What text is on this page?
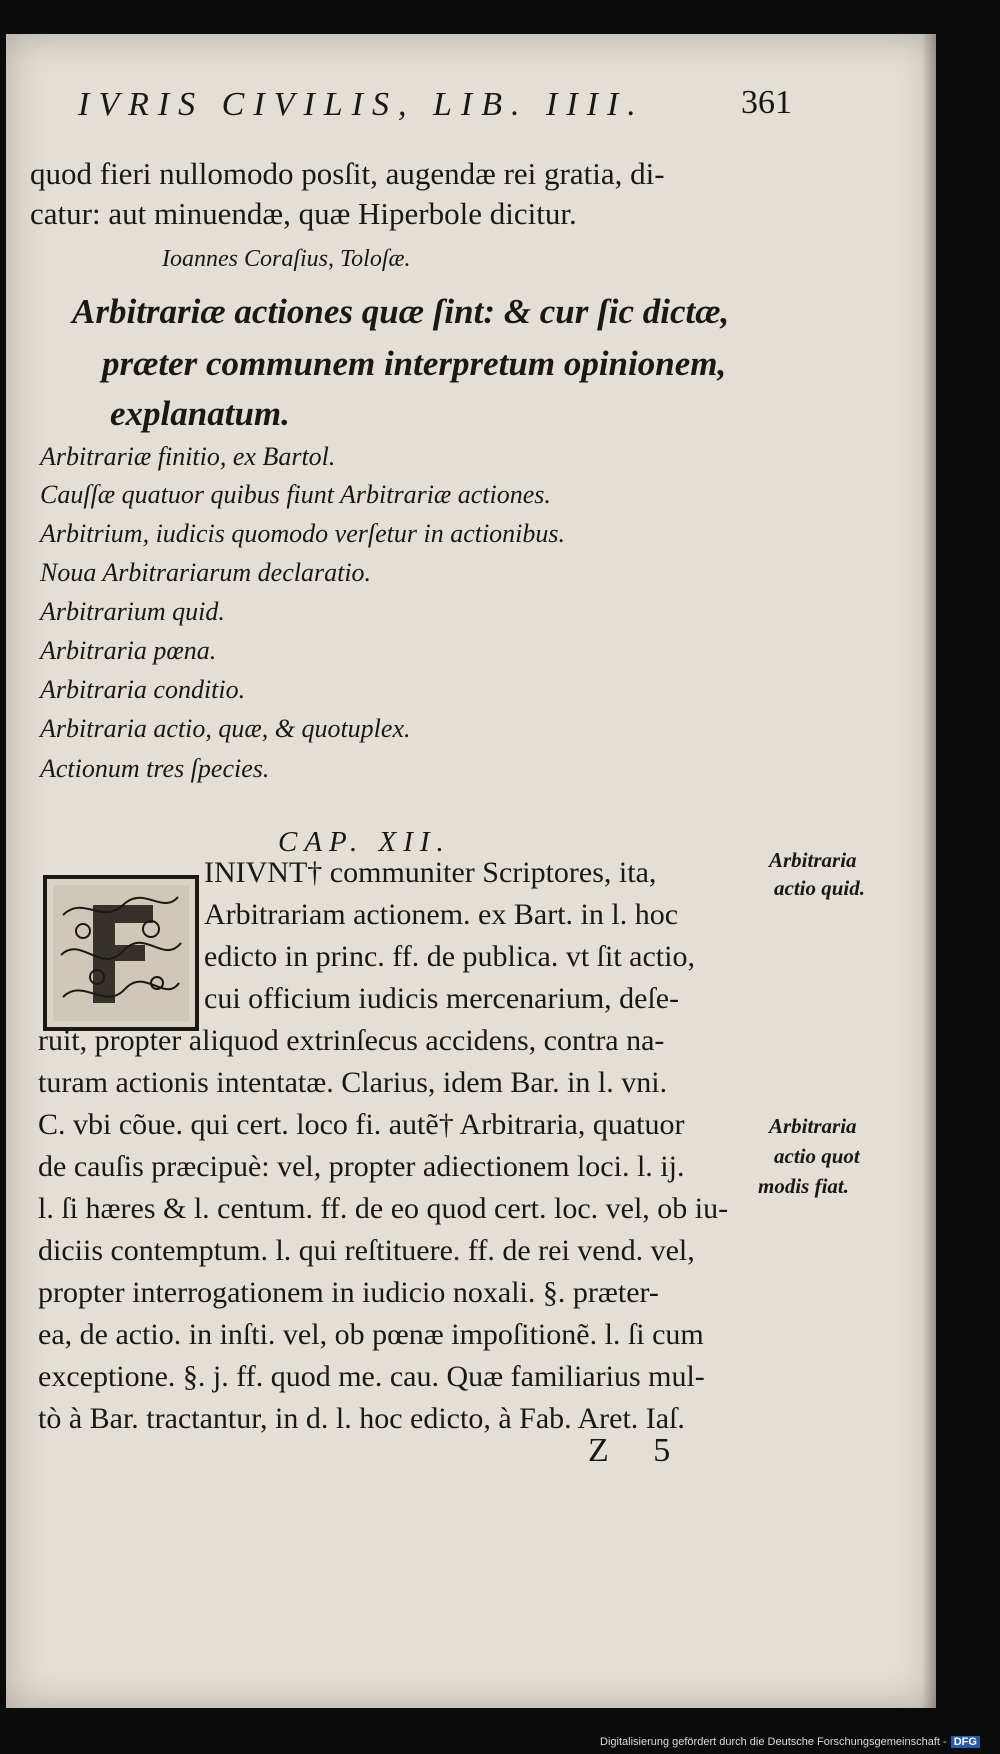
IVRIS CIVILIS, LIB. IIII.	361
quod fieri nullomodo posſit, augendæ rei gratia, di-
catur: aut minuendæ, quæ Hiperbole dicitur.
Ioannes Coraſius, Toloſæ.
Arbitrariæ actiones quæ ſint: & cur ſic dictæ,
præter communem interpretum opinionem,
explanatum.
Arbitrariæ finitio, ex Bartol.
Cauſſæ quatuor quibus fiunt Arbitrariæ actiones.
Arbitrium, iudicis quomodo verſetur in actionibus.
Noua Arbitrariarum declaratio.
Arbitrarium quid.
Arbitraria pœna.
Arbitraria conditio.
Arbitraria actio, quæ, & quotuplex.
Actionum tres ſpecies.
CAP. XII.
INIVNT† communiter Scriptores, ita,
Arbitrariam actionem. ex Bart. in l. hoc
edicto in princ. ff. de publica. vt ſit actio,
cui officium iudicis mercenarium, deſe-
ruit, propter aliquod extrinſecus accidens, contra na-
turam actionis intentatæ. Clarius, idem Bar. in l. vni.
C. vbi cõue. qui cert. loco fi. autẽ† Arbitraria, quatuor
de cauſis præcipuè: vel, propter adiectionem loci. l. ij.
l. ſi hæres & l. centum. ff. de eo quod cert. loc. vel, ob iu-
diciis contemptum. l. qui reſtituere. ff. de rei vend. vel,
propter interrogationem in iudicio noxali. §. præter-
ea, de actio. in inſti. vel, ob pœnæ impoſitionẽ. l. ſi cum
exceptione. §. j. ff. quod me. cau. Quæ familiarius mul-
tò à Bar. tractantur, in d. l. hoc edicto, à Fab. Aret. Iaſ.
Arbitraria
actio quid.
Arbitraria
actio quot
modis fiat.
Z 5
Digitalisierung gefördert durch die Deutsche Forschungsgemeinschaft - DFG
